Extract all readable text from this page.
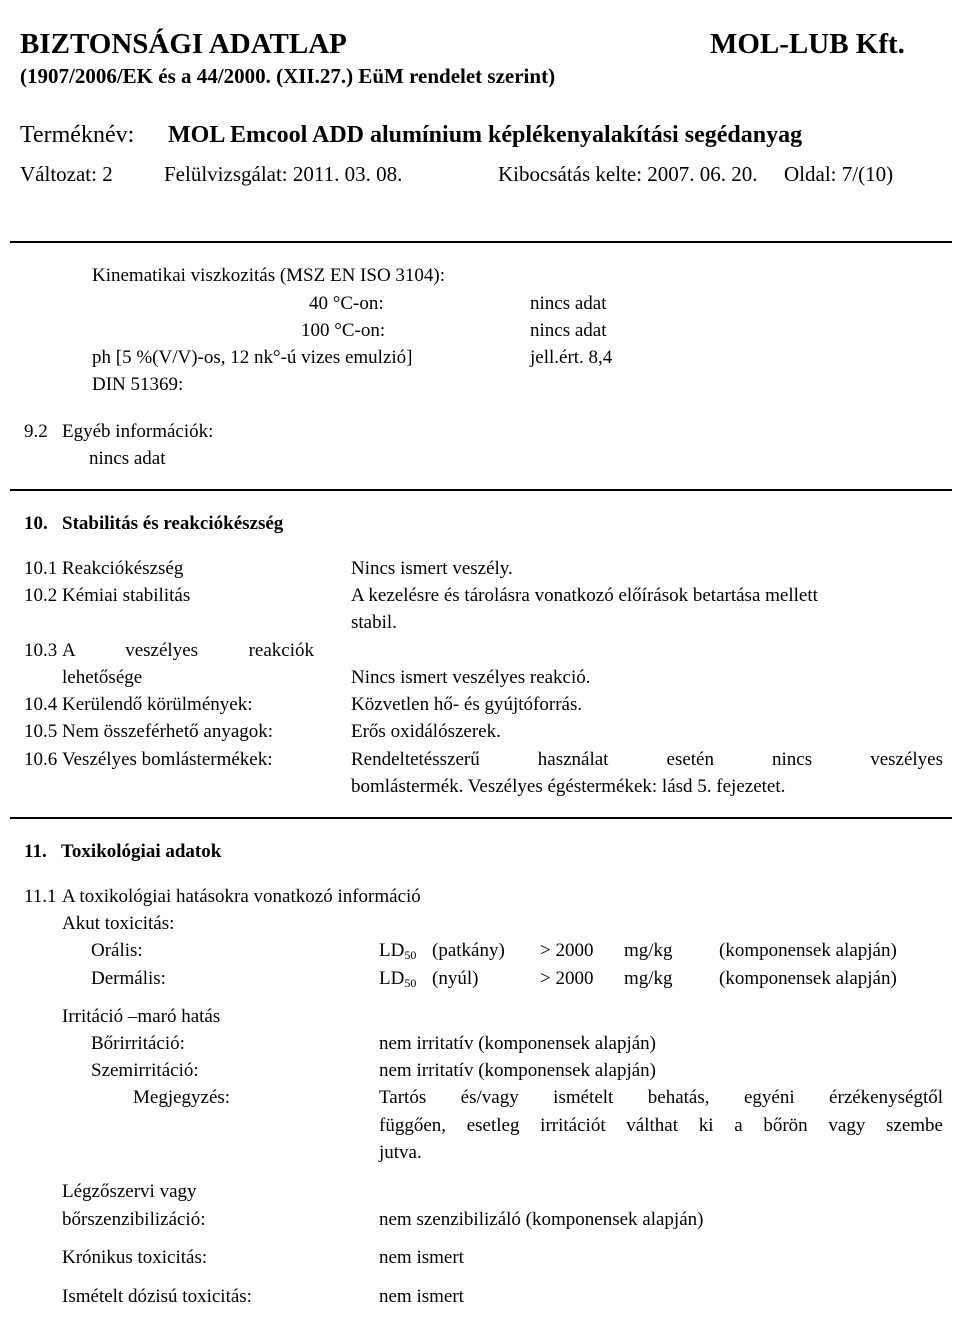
BIZTONSÁGI ADATLAP	MOL-LUB Kft.
(1907/2006/EK és a 44/2000. (XII.27.) EüM rendelet szerint)
Terméknév: MOL Emcool ADD alumínium képlékenyalakítási segédanyag
Változat: 2 Felülvizsgálat: 2011. 03. 08.	Kibocsátás kelte: 2007. 06. 20. Oldal: 7/(10)
Kinematikai viszkozitás (MSZ EN ISO 3104):
40 °C-on:	nincs adat
100 °C-on:	nincs adat
ph [5 %(V/V)-os, 12 nk°-ú vizes emulzió]	jell.ért. 8,4
DIN 51369:
9.2 Egyéb információk:
nincs adat
10. Stabilitás és reakciókészség
10.1 Reakciókészség	Nincs ismert veszély.
10.2 Kémiai stabilitás	A kezelésre és tárolásra vonatkozó előírások betartása mellett
stabil.
10.3 A veszélyes reakciók
lehetősége	Nincs ismert veszélyes reakció.
10.4 Kerülendő körülmények:	Közvetlen hő- és gyújtóforrás.
10.5 Nem összeférhető anyagok:	Erős oxidálószerek.
10.6 Veszélyes bomlástermékek:	Rendeltetésszerű használat esetén nincs veszélyes
bomlástermék. Veszélyes égéstermékek: lásd 5. fejezetet.
11. Toxikológiai adatok
11.1 A toxikológiai hatásokra vonatkozó információ
Akut toxicitás:
Orális:	$LD_{50}$ (patkány) > 2000 mg/kg (komponensek alapján)
Dermális:	$LD_{50}$ (nyúl)	> 2000 mg/kg (komponensek alapján)
Irritáció –maró hatás
Bőrirritáció:	nem irritatív (komponensek alapján)
Szemirritáció:	nem irritatív (komponensek alapján)
Megjegyzés:	Tartós és/vagy ismételt behatás, egyéni érzékenységtől
függően, esetleg irritációt válthat ki a bőrön vagy szembe
jutva.
Légzőszervi vagy
bőrszenzibilizáció:	nem szenzibilizáló (komponensek alapján)
Krónikus toxicitás:	nem ismert
Ismételt dózisú toxicitás:	nem ismert
